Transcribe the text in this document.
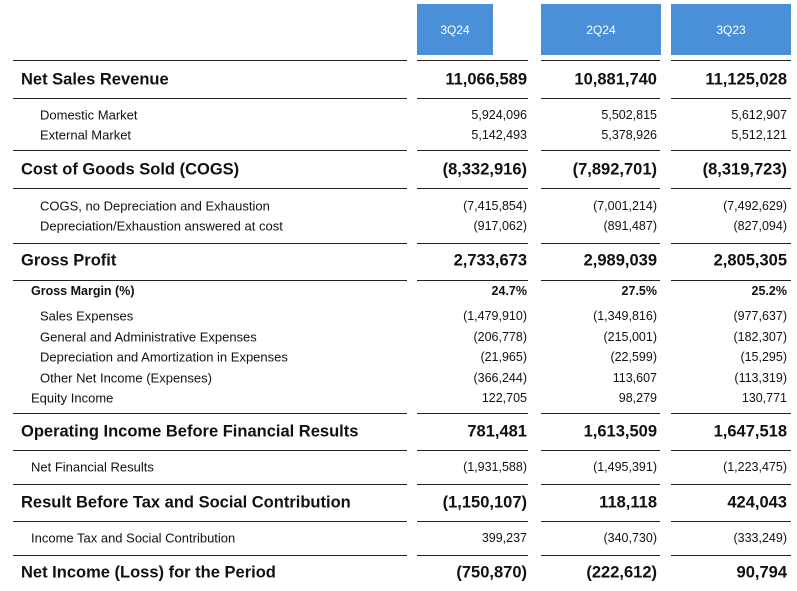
3Q24	2Q24	3Q23
Net Sales Revenue	11,066,589	10,881,740	11,125,028
Domestic Market	5,924,096	5,502,815	5,612,907
External Market	5,142,493	5,378,926	5,512,121
Cost of Goods Sold (COGS)	(8,332,916)	(7,892,701)	(8,319,723)
COGS, no Depreciation and Exhaustion	(7,415,854)	(7,001,214)	(7,492,629)
Depreciation/Exhaustion answered at cost	(917,062)	(891,487)	(827,094)
Gross Profit	2,733,673	2,989,039	2,805,305
Gross Margin (%)	24.7%	27.5%	25.2%
Sales Expenses	(1,479,910)	(1,349,816)	(977,637)
General and Administrative Expenses	(206,778)	(215,001)	(182,307)
Depreciation and Amortization in Expenses	(21,965)	(22,599)	(15,295)
Other Net Income (Expenses)	(366,244)	113,607	(113,319)
Equity Income	122,705	98,279	130,771
Operating Income Before Financial Results	781,481	1,613,509	1,647,518
Net Financial Results	(1,931,588)	(1,495,391)	(1,223,475)
Result Before Tax and Social Contribution	(1,150,107)	118,118	424,043
Income Tax and Social Contribution	399,237	(340,730)	(333,249)
Net Income (Loss) for the Period	(750,870)	(222,612)	90,794
